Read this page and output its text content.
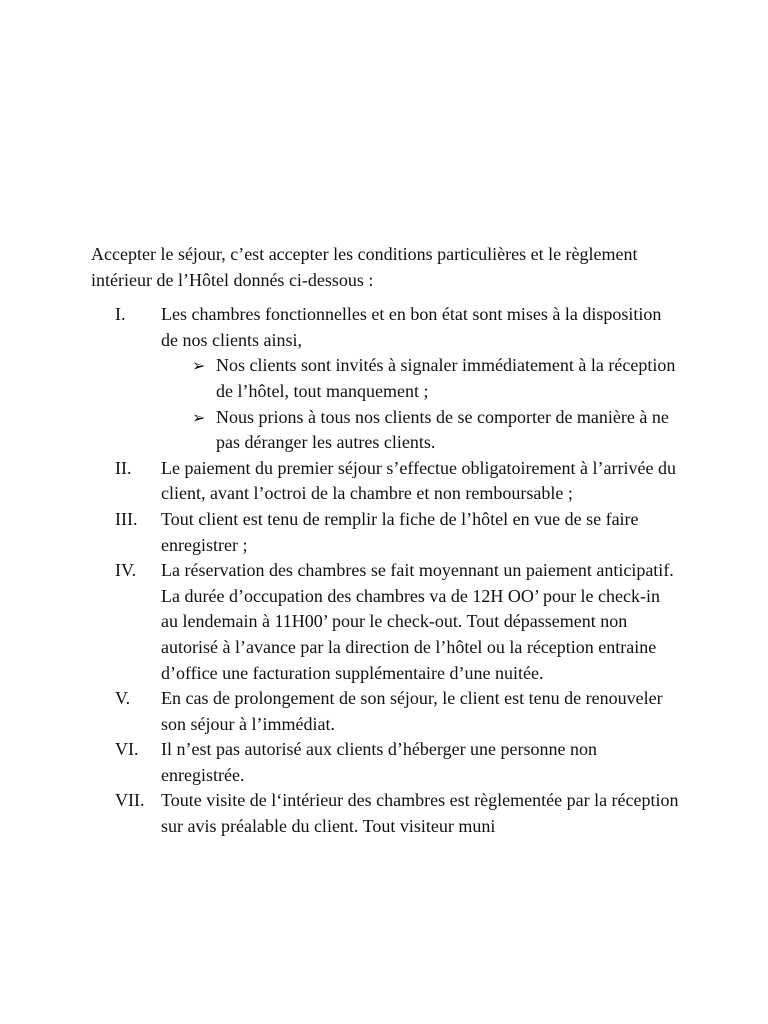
Accepter le séjour, c’est accepter les conditions particulières et le règlement intérieur de l’Hôtel donnés ci-dessous :

I.	Les chambres fonctionnelles et en bon état sont mises à la disposition de nos clients ainsi,
➢ Nos clients sont invités à signaler immédiatement à la réception de l’hôtel, tout manquement ;
➢ Nous prions à tous nos clients de se comporter de manière à ne pas déranger les autres clients.
II.	Le paiement du premier séjour s’effectue obligatoirement à l’arrivée du client, avant l’octroi de la chambre et non remboursable ;
III.	Tout client est tenu de remplir la fiche de l’hôtel en vue de se faire enregistrer ;
IV.	La réservation des chambres se fait moyennant un paiement anticipatif. La durée d’occupation des chambres va de 12H OO’ pour le check-in au lendemain à 11H00’ pour le check-out. Tout dépassement non autorisé à l’avance par la direction de l’hôtel ou la réception entraine d’office une facturation supplémentaire d’une nuitée.
V.	En cas de prolongement de son séjour, le client est tenu de renouveler son séjour à l’immédiat.
VI.	Il n’est pas autorisé aux clients d’héberger une personne non enregistrée.
VII. Toute visite de l‘intérieur des chambres est règlementée par la réception sur avis préalable du client. Tout visiteur muni
